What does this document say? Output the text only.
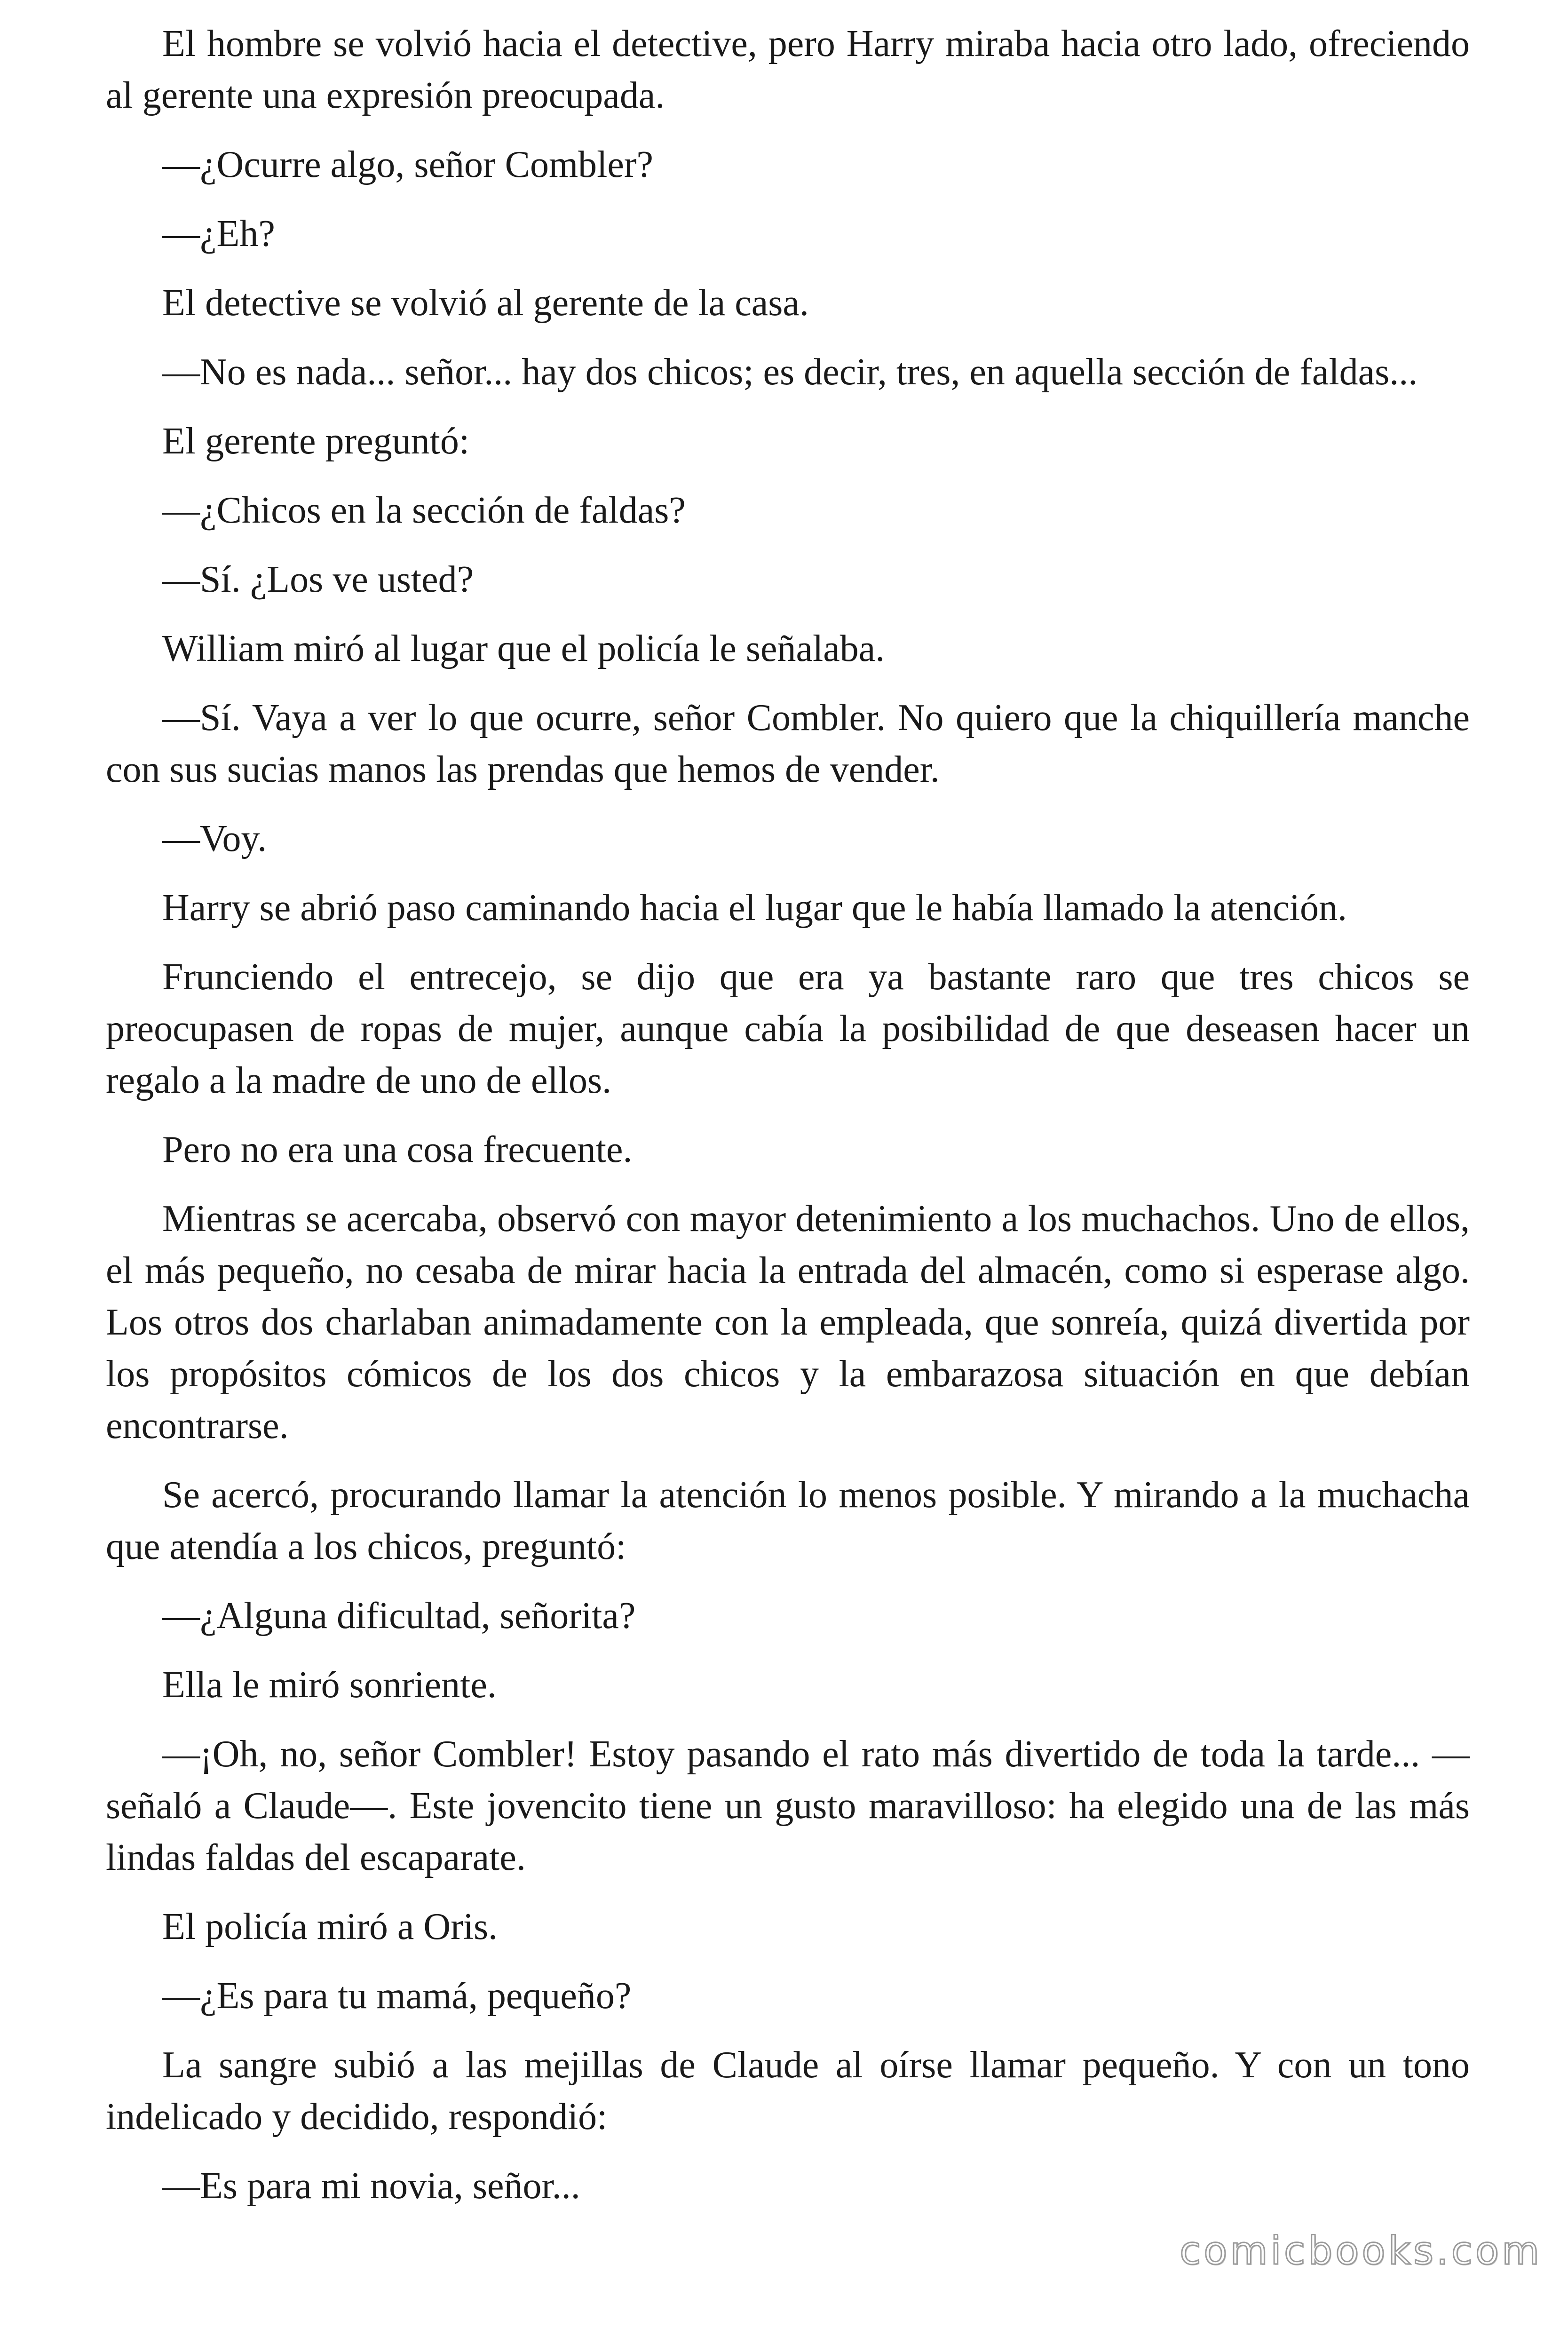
El hombre se volvió hacia el detective, pero Harry miraba hacia otro lado, ofreciendo al gerente una expresión preocupada.

—¿Ocurre algo, señor Combler?

—¿Eh?

El detective se volvió al gerente de la casa.

—No es nada... señor... hay dos chicos; es decir, tres, en aquella sección de faldas...

El gerente preguntó:

—¿Chicos en la sección de faldas?

—Sí. ¿Los ve usted?

William miró al lugar que el policía le señalaba.

—Sí. Vaya a ver lo que ocurre, señor Combler. No quiero que la chiquillería manche con sus sucias manos las prendas que hemos de vender.

—Voy.

Harry se abrió paso caminando hacia el lugar que le había llamado la atención.

Frunciendo el entrecejo, se dijo que era ya bastante raro que tres chicos se preocupasen de ropas de mujer, aunque cabía la posibilidad de que deseasen hacer un regalo a la madre de uno de ellos.

Pero no era una cosa frecuente.

Mientras se acercaba, observó con mayor detenimiento a los muchachos. Uno de ellos, el más pequeño, no cesaba de mirar hacia la entrada del almacén, como si esperase algo. Los otros dos charlaban animadamente con la empleada, que sonreía, quizá divertida por los propósitos cómicos de los dos chicos y la embarazosa situación en que debían encontrarse.

Se acercó, procurando llamar la atención lo menos posible. Y mirando a la muchacha que atendía a los chicos, preguntó:

—¿Alguna dificultad, señorita?

Ella le miró sonriente.

—¡Oh, no, señor Combler! Estoy pasando el rato más divertido de toda la tarde... —señaló a Claude—. Este jovencito tiene un gusto maravilloso: ha elegido una de las más lindas faldas del escaparate.

El policía miró a Oris.

—¿Es para tu mamá, pequeño?

La sangre subió a las mejillas de Claude al oírse llamar pequeño. Y con un tono indelicado y decidido, respondió:

—Es para mi novia, señor...

comicbooks.com
